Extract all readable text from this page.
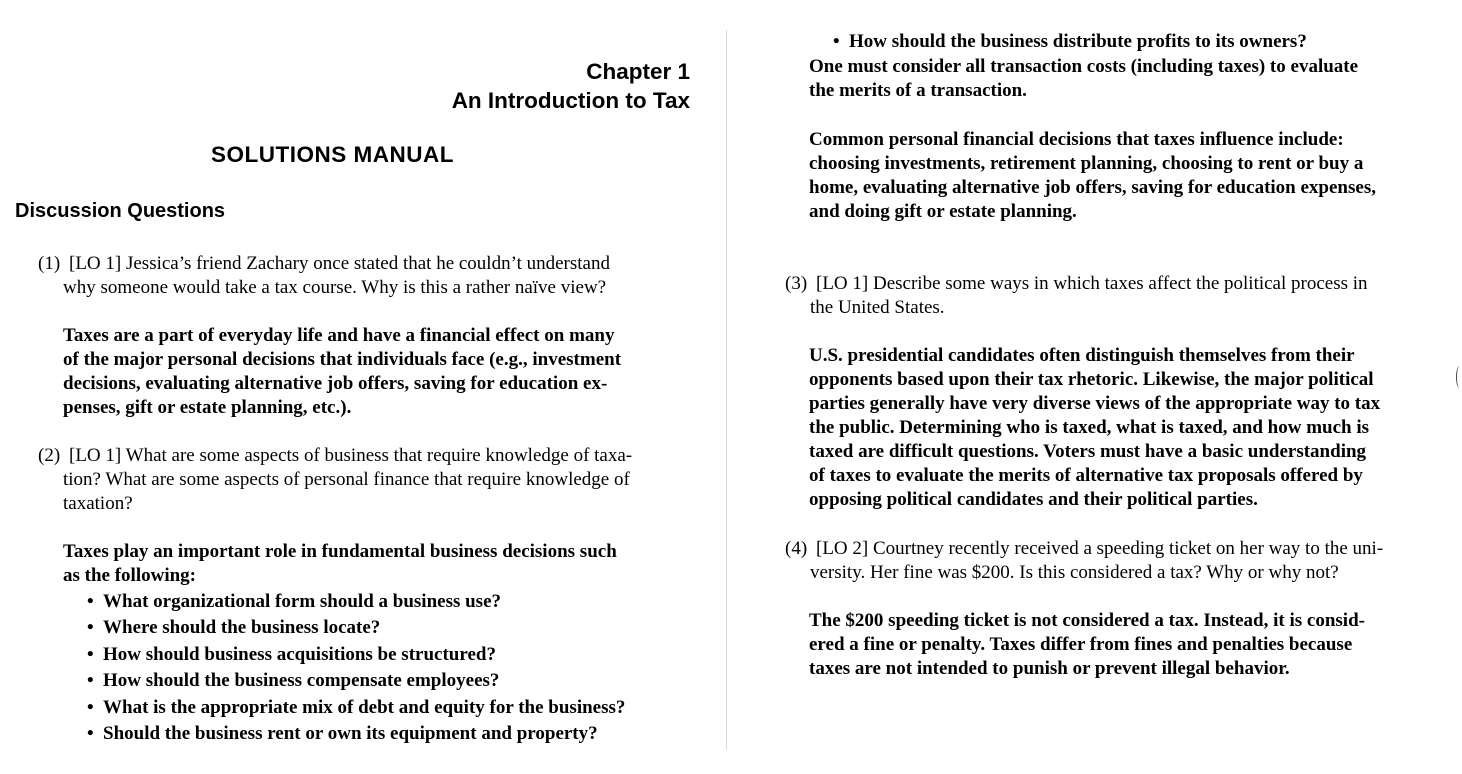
Chapter 1
An Introduction to Tax
SOLUTIONS MANUAL
Discussion Questions
(1) [LO 1] Jessica’s friend Zachary once stated that he couldn’t understand
why someone would take a tax course. Why is this a rather naïve view?
Taxes are a part of everyday life and have a financial effect on many
of the major personal decisions that individuals face (e.g., investment
decisions, evaluating alternative job offers, saving for education ex-
penses, gift or estate planning, etc.).
(2) [LO 1] What are some aspects of business that require knowledge of taxa-
tion? What are some aspects of personal finance that require knowledge of
taxation?
Taxes play an important role in fundamental business decisions such
as the following:
• What organizational form should a business use?
• Where should the business locate?
• How should business acquisitions be structured?
• How should the business compensate employees?
• What is the appropriate mix of debt and equity for the business?
• Should the business rent or own its equipment and property?
• How should the business distribute profits to its owners?
One must consider all transaction costs (including taxes) to evaluate
the merits of a transaction.
Common personal financial decisions that taxes influence include:
choosing investments, retirement planning, choosing to rent or buy a
home, evaluating alternative job offers, saving for education expenses,
and doing gift or estate planning.
(3) [LO 1] Describe some ways in which taxes affect the political process in
the United States.
U.S. presidential candidates often distinguish themselves from their
opponents based upon their tax rhetoric. Likewise, the major political
parties generally have very diverse views of the appropriate way to tax
the public. Determining who is taxed, what is taxed, and how much is
taxed are difficult questions. Voters must have a basic understanding
of taxes to evaluate the merits of alternative tax proposals offered by
opposing political candidates and their political parties.
(4) [LO 2] Courtney recently received a speeding ticket on her way to the uni-
versity. Her fine was $200. Is this considered a tax? Why or why not?
The $200 speeding ticket is not considered a tax. Instead, it is consid-
ered a fine or penalty. Taxes differ from fines and penalties because
taxes are not intended to punish or prevent illegal behavior.
